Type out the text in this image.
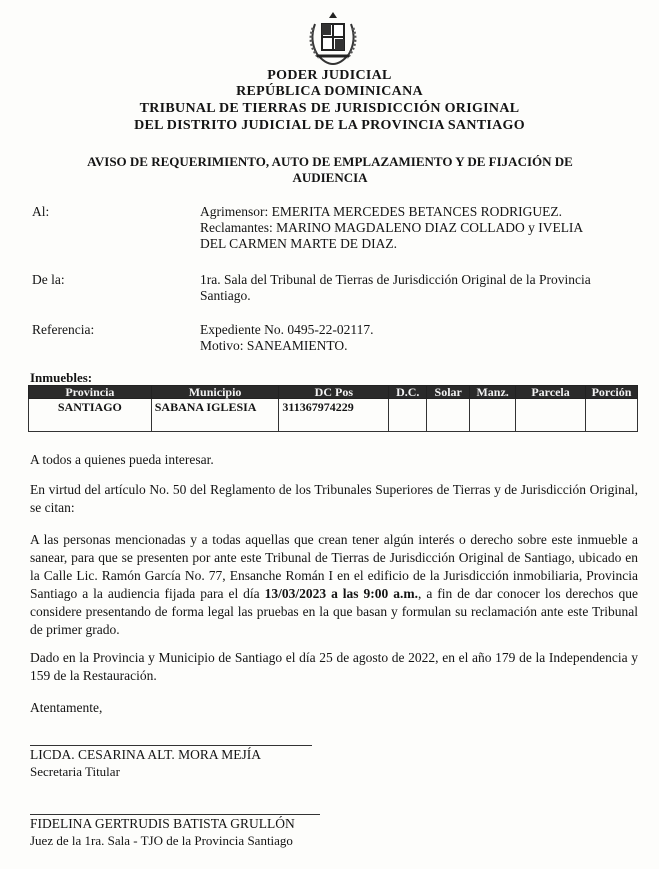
PODER JUDICIAL
REPÚBLICA DOMINICANA
TRIBUNAL DE TIERRAS DE JURISDICCIÓN ORIGINAL
DEL DISTRITO JUDICIAL DE LA PROVINCIA SANTIAGO
AVISO DE REQUERIMIENTO, AUTO DE EMPLAZAMIENTO Y DE FIJACIÓN DE
AUDIENCIA
Al:	Agrimensor: EMERITA MERCEDES BETANCES RODRIGUEZ.
Reclamantes: MARINO MAGDALENO DIAZ COLLADO y IVELIA
DEL CARMEN MARTE DE DIAZ.
De la:	1ra. Sala del Tribunal de Tierras de Jurisdicción Original de la Provincia
Santiago.
Referencia:	Expediente No. 0495-22-02117.
Motivo: SANEAMIENTO.
Inmuebles:
Provincia	Municipio	DC Pos	D.C.	Solar	Manz.	Parcela	Porción
SANTIAGO	SABANA IGLESIA	311367974229					
A todos a quienes pueda interesar.
En virtud del artículo No. 50 del Reglamento de los Tribunales Superiores de Tierras y de Jurisdicción Original, se citan:
A las personas mencionadas y a todas aquellas que crean tener algún interés o derecho sobre este inmueble a sanear, para que se presenten por ante este Tribunal de Tierras de Jurisdicción Original de Santiago, ubicado en la Calle Lic. Ramón García No. 77, Ensanche Román I en el edificio de la Jurisdicción inmobiliaria, Provincia Santiago a la audiencia fijada para el día 13/03/2023 a las 9:00 a.m., a fin de dar conocer los derechos que considere presentando de forma legal las pruebas en la que basan y formulan su reclamación ante este Tribunal de primer grado.
Dado en la Provincia y Municipio de Santiago el día 25 de agosto de 2022, en el año 179 de la Independencia y 159 de la Restauración.
Atentamente,
LICDA. CESARINA ALT. MORA MEJÍA
Secretaria Titular
FIDELINA GERTRUDIS BATISTA GRULLÓN
Juez de la 1ra. Sala - TJO de la Provincia Santiago
